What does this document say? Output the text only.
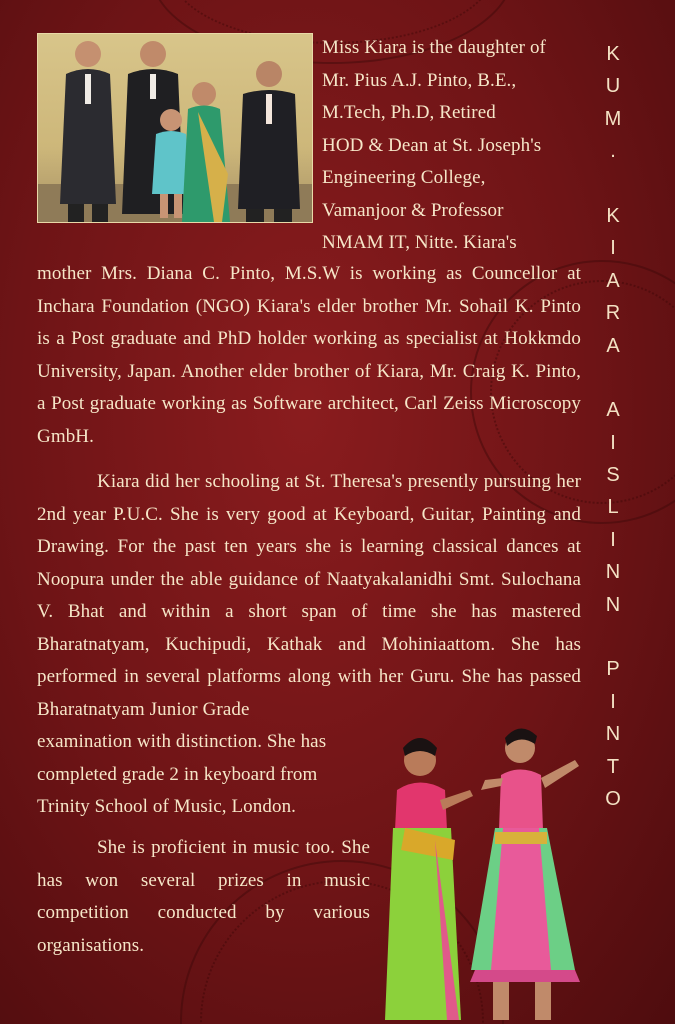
Miss Kiara is the daughter of

Mr. Pius A.J. Pinto, B.E.,

M.Tech, Ph.D, Retired

HOD & Dean at St. Joseph's

Engineering College,

Vamanjoor & Professor

NMAM IT, Nitte. Kiara's

mother Mrs. Diana C. Pinto, M.S.W is working as Councellor at Inchara Foundation (NGO) Kiara's elder brother Mr. Sohail K. Pinto is a Post graduate and PhD holder working as specialist at Hokkmdo University, Japan. Another elder brother of Kiara, Mr. Craig K. Pinto, a Post graduate working as Software architect, Carl Zeiss Microscopy GmbH.

Kiara did her schooling at St. Theresa's presently pursuing her 2nd year P.U.C. She is very good at Keyboard, Guitar, Painting and Drawing. For the past ten years she is learning classical dances at Noopura under the able guidance of Naatyakalanidhi Smt. Sulochana V. Bhat and within a short span of time she has mastered Bharatnatyam, Kuchipudi, Kathak and Mohiniaattom. She has performed in several platforms along with her Guru. She has passed Bharatnatyam Junior Grade

examination with distinction. She has

completed grade 2 in keyboard from

Trinity School of Music, London.

She is proficient in music too. She has won several prizes in music competition conducted by various organisations.

K
U
M
.

K
I
A
R
A

A
I
S
L
I
N
N

P
I
N
T
O
